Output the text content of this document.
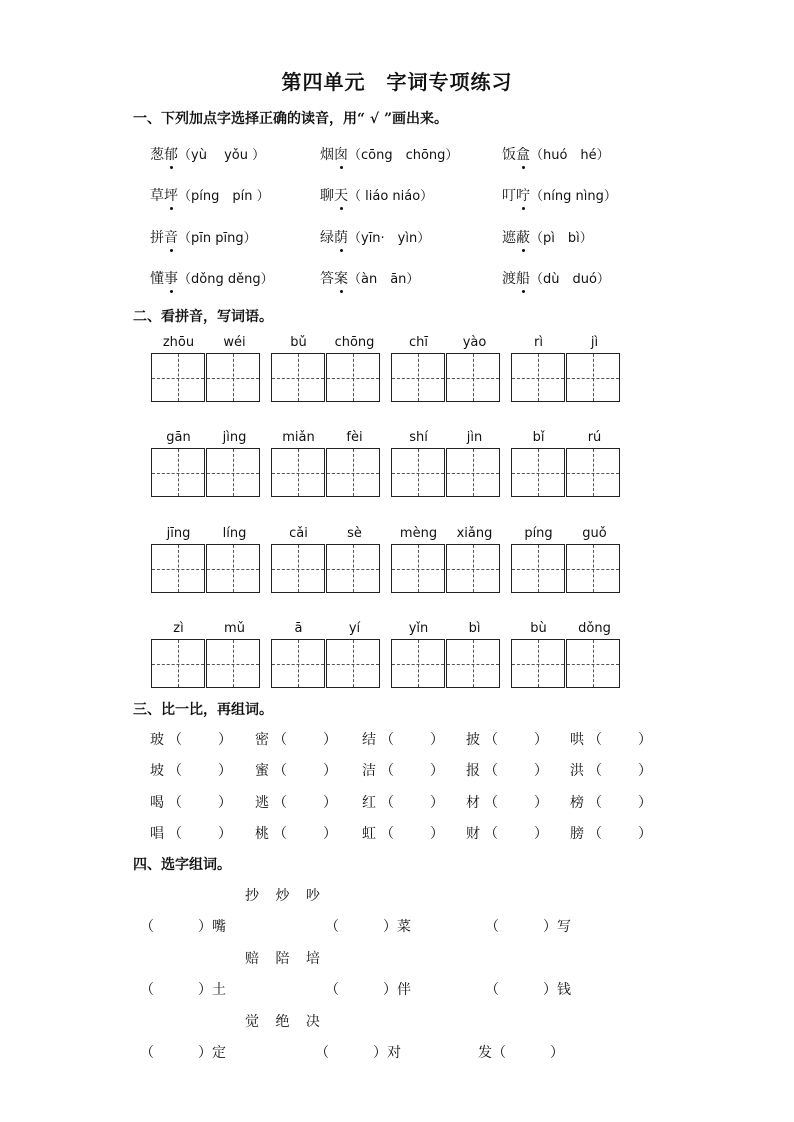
第四单元　字词专项练习
一、下列加点字选择正确的读音，用“ √ ”画出来。
葱郁（yù　 yǒu ）	烟囱（cōng　chōng）	饭盒（huó　hé）
草坪（píng　pín ）	聊天（ liáo niáo）	叮咛（níng nìng）
拼音（pīn pīng）	绿荫（yīn·　yìn）	遮蔽（pì　bì）
懂事（dǒng děng）	答案（àn　ān）	渡船（dù　duó）
二、看拼音，写词语。
zhōu	wéi	bǔ	chōng	chī	yào	rì	jì
gān	jìng	miǎn	fèi	shí	jìn	bǐ	rú
jīng	líng	cǎi	sè	mèng	xiǎng	píng	guǒ
zì	mǔ	ā	yí	yǐn	bì	bù	dǒng
三、比一比，再组词。
玻 （	） 密 （	） 结 （	） 披 （	） 哄 （	）
坡 （	） 蜜 （	） 洁 （	） 报 （	） 洪 （	）
喝 （	） 逃 （	） 红 （	） 材 （	） 榜 （	）
唱 （	） 桃 （	） 虹 （	） 财 （	） 膀 （	）
四、选字组词。
抄 炒 吵
（	）嘴	（	）菜	（	）写
赔 陪 培
（	）土	（	）伴	（	）钱
觉 绝 决
（	）定	（	）对	发（	）
